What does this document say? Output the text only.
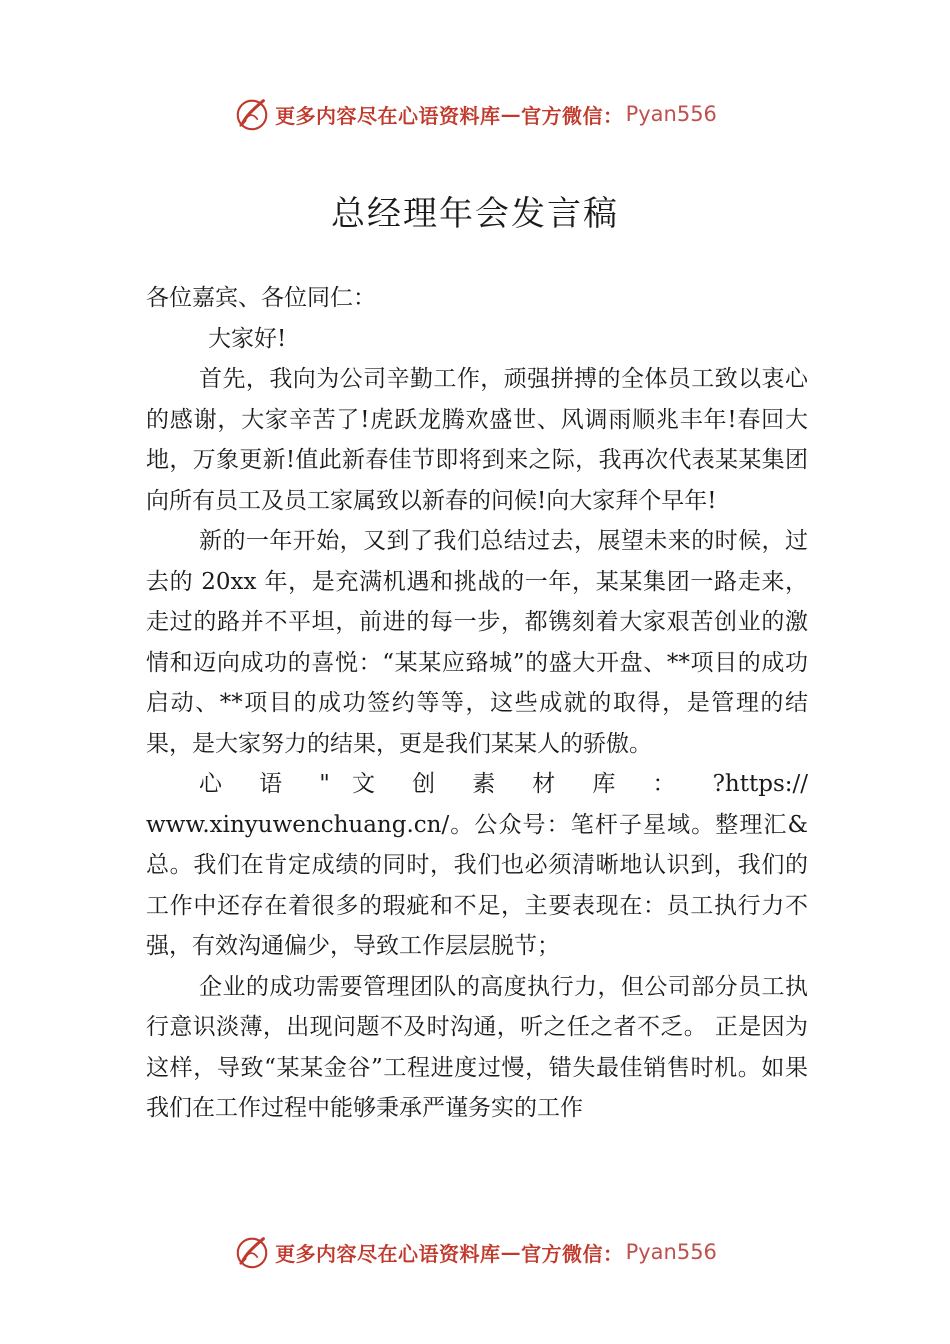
更多内容尽在心语资料库 — 官方微信： Pyan556
总经理年会发言稿

各位嘉宾、各位同仁：

大家好!

首先，我向为公司辛勤工作，顽强拼搏的全体员工致以衷心的感谢，大家辛苦了!虎跃龙腾欢盛世、风调雨顺兆丰年!春回大地，万象更新!值此新春佳节即将到来之际，我再次代表某某集团向所有员工及员工家属致以新春的问候!向大家拜个早年!

新的一年开始，又到了我们总结过去，展望未来的时候，过去的 20xx 年，是充满机遇和挑战的一年，某某集团一路走来，走过的路并不平坦，前进的每一步，都镌刻着大家艰苦创业的激情和迈向成功的喜悦：“某某应臵城”的盛大开盘、**项目的成功启动、**项目的成功签约等等，这些成就的取得，是管理的结果，是大家努力的结果，更是我们某某人的骄傲。

心 语 " 文 创 素 材 库 ： ?https:// www.xinyuwenchuang.cn/。公众号：笔杆子星域。整理汇&总。我们在肯定成绩的同时，我们也必须清晰地认识到，我们的工作中还存在着很多的瑕疵和不足，主要表现在：员工执行力不强，有效沟通偏少，导致工作层层脱节；

企业的成功需要管理团队的高度执行力，但公司部分员工执行意识淡薄，出现问题不及时沟通，听之任之者不乏。 正是因为这样，导致“某某金谷”工程进度过慢，错失最佳销售时机。如果我们在工作过程中能够秉承严谨务实的工作

更多内容尽在心语资料库 — 官方微信： Pyan556
